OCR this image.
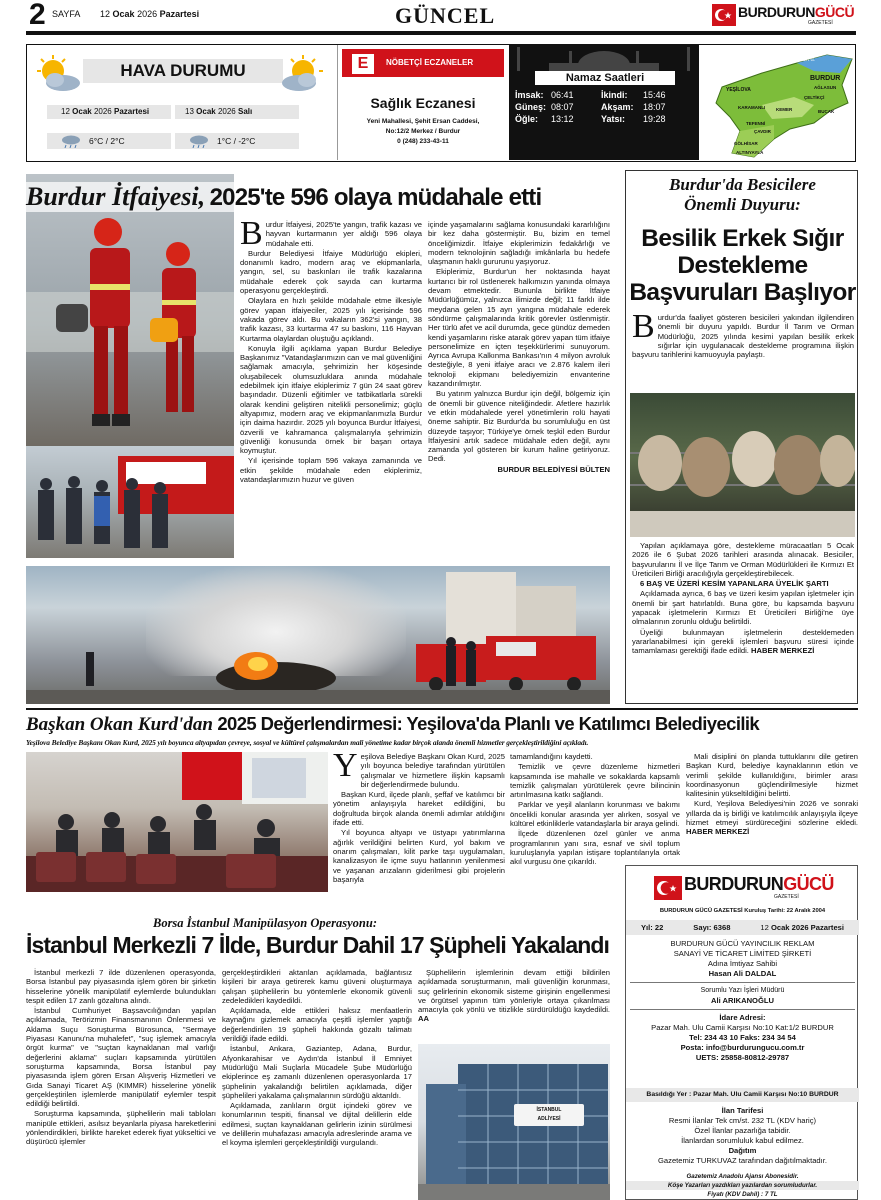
2 SAYFA 12 Ocak 2026 Pazartesi	GÜNCEL	BURDURUNGÜCÜ
GAZETESİ
HAVA DURUMU
12 Ocak 2026 Pazartesi	13 Ocak 2026 Salı
6°C / 2°C	1°C / -2°C
E	NÖBETÇİ ECZANELER
Sağlık Eczanesi
Yeni Mahallesi, Şehit Ersan Caddesi,
No:12/2 Merkez / Burdur
0 (248) 233-43-11
Namaz Saatleri
İmsak: 06:41	İkindi:	15:46
Güneş: 08:07	Akşam:	18:07
Öğle:	13:12	Yatsı:	19:28
BURDUR G.
BURDUR
YEŞİLOVA	AĞLASUN
ÇELTİKÇİ
KARAMANLI KEMER	BUCAK
TEFENNİ
ÇAVDIR
GÖLHİSAR
ALTINYAYLA
Burdur İtfaiyesi, 2025'te 596 olaya müdahale etti

Burdur İtfaiyesi, 2025'te yangın, trafik kazası ve hayvan kurtarmanın yer aldığı 596 olaya müdahale etti.

Burdur Belediyesi İtfaiye Müdürlüğü ekipleri, donanımlı kadro, modern araç ve ekipmanlarla, yangın, sel, su baskınları ile trafik kazalarına müdahale ederek çok sayıda can kurtarma operasyonu gerçekleştirdi.

Olaylara en hızlı şekilde müdahale etme ilkesiyle görev yapan itfaiyeciler, 2025 yılı içerisinde 596 vakada görev aldı. Bu vakaların 362'si yangın, 38 trafik kazası, 33 kurtarma 47 su baskını, 116 Hayvan Kurtarma olaylardan oluştuğu açıklandı.

Konuyla ilgili açıklama yapan Burdur Belediye Başkanımız "Vatandaşlarımızın can ve mal güvenliğini sağlamak amacıyla, şehrimizin her köşesinde oluşabilecek olumsuzluklara anında müdahale edebilmek için itfaiye ekiplerimiz 7 gün 24 saat görev başındadır. Düzenli eğitimler ve tatbikatlarla sürekli olarak kendini geliştiren nitelikli personelimiz; güçlü altyapımız, modern araç ve ekipmanlarımızla Burdur için daima hazırdır. 2025 yılı boyunca Burdur İtfaiyesi, özverili ve kahramanca çalışmalarıyla şehrimizin güvenliği konusunda örnek bir başarı ortaya koymuştur.

Yıl içerisinde toplam 596 vakaya zamanında ve etkin şekilde müdahale eden ekiplerimiz, vatandaşlarımızın huzur ve güven

içinde yaşamalarını sağlama konusundaki kararlılığını bir kez daha göstermiştir. Bu, bizim en temel önceliğimizdir. İtfaiye ekiplerimizin fedakârlığı ve modern teknolojinin sağladığı imkânlarla bu hedefe ulaşmanın haklı gururunu yaşıyoruz.

Ekiplerimiz, Burdur'un her noktasında hayat kurtarıcı bir rol üstlenerek halkımızın yanında olmaya devam etmektedir. Bununla birlikte İtfaiye Müdürlüğümüz, yalnızca ilimizde değil; 11 farklı ilde meydana gelen 15 ayrı yangına müdahale ederek söndürme çalışmalarında kritik görevler üstlenmiştir. Her türlü afet ve acil durumda, gece gündüz demeden kendi yaşamlarını riske atarak görev yapan tüm itfaiye personelimize en içten teşekkürlerimi sunuyorum. Ayrıca Avrupa Kalkınma Bankası'nın 4 milyon avroluk desteğiyle, 8 yeni itfaiye aracı ve 2.876 kalem ileri teknoloji ekipmanı belediyemizin envanterine kazandırılmıştır.

Bu yatırım yalnızca Burdur için değil, bölgemiz için de önemli bir güvence niteliğindedir. Afetlere hazırlık ve etkin müdahalede yerel yönetimlerin rolü hayati öneme sahiptir. Biz Burdur'da bu sorumluluğu en üst düzeyde taşıyor; Türkiye'ye örnek teşkil eden Burdur İtfaiyesini artık sadece müdahale eden değil, aynı zamanda yol gösteren bir kurum haline getiriyoruz. Dedi.

BURDUR BELEDİYESİ BÜLTEN
Burdur'da Besicilere
Önemli Duyuru:
Besilik Erkek Sığır Destekleme Başvuruları Başlıyor

Burdur'da faaliyet gösteren besicileri yakından ilgilendiren önemli bir duyuru yapıldı. Burdur İl Tarım ve Orman Müdürlüğü, 2025 yılında kesimi yapılan besilik erkek sığırlar için uygulanacak destekleme programına ilişkin başvuru tarihlerini kamuoyuyla paylaştı.

Yapılan açıklamaya göre, destekleme müracaatları 5 Ocak 2026 ile 6 Şubat 2026 tarihleri arasında alınacak. Besiciler, başvurularını İl ve İlçe Tarım ve Orman Müdürlükleri ile Kırmızı Et Üreticileri Birliği aracılığıyla gerçekleştirebilecek.

6 BAŞ VE ÜZERİ KESİM YAPANLARA ÜYELİK ŞARTI

Açıklamada ayrıca, 6 baş ve üzeri kesim yapılan işletmeler için önemli bir şart hatırlatıldı. Buna göre, bu kapsamda başvuru yapacak işletmelerin Kırmızı Et Üreticileri Birliği'ne üye olmalarının zorunlu olduğu belirtildi.

Üyeliği bulunmayan işletmelerin desteklemeden yararlanabilmesi için gerekli işlemleri başvuru süresi içinde tamamlaması gerektiği ifade edildi. HABER MERKEZİ

Başkan Okan Kurd'dan 2025 Değerlendirmesi: Yeşilova'da Planlı ve Katılımcı Belediyecilik
Yeşilova Belediye Başkanı Okan Kurd, 2025 yılı boyunca altyapıdan çevreye, sosyal ve kültürel çalışmalardan mali yönetime kadar birçok alanda önemli hizmetler gerçekleştirildiğini açıkladı.

Yeşilova Belediye Başkanı Okan Kurd, 2025 yılı boyunca belediye tarafından yürütülen çalışmalar ve hizmetlere ilişkin kapsamlı bir değerlendirmede bulundu.

Başkan Kurd, ilçede planlı, şeffaf ve katılımcı bir yönetim anlayışıyla hareket edildiğini, bu doğrultuda birçok alanda önemli adımlar atıldığını ifade etti.

Yıl boyunca altyapı ve üstyapı yatırımlarına ağırlık verildiğini belirten Kurd, yol bakım ve onarım çalışmaları, kilit parke taşı uygulamaları, kanalizasyon ile içme suyu hatlarının yenilenmesi ve yaşanan arızaların giderilmesi gibi projelerin başarıyla

tamamlandığını kaydetti.

Temizlik ve çevre düzenleme hizmetleri kapsamında ise mahalle ve sokaklarda kapsamlı temizlik çalışmaları yürütülerek çevre bilincinin artırılmasına katkı sağlandı.

Parklar ve yeşil alanların korunması ve bakımı öncelikli konular arasında yer alırken, sosyal ve kültürel etkinliklerle vatandaşlarla bir araya gelindi.

İlçede düzenlenen özel günler ve anma programlarının yanı sıra, esnaf ve sivil toplum kuruluşlarıyla yapılan istişare toplantılarıyla ortak akıl vurgusu öne çıkarıldı.

Mali disiplini ön planda tuttuklarını dile getiren Başkan Kurd, belediye kaynaklarının etkin ve verimli şekilde kullanıldığını, birimler arası koordinasyonun güçlendirilmesiyle hizmet kalitesinin yükseltildiğini belirtti.

Kurd, Yeşilova Belediyesi'nin 2026 ve sonraki yıllarda da iş birliği ve katılımcılık anlayışıyla ilçeye hizmet etmeyi sürdüreceğini sözlerine ekledi. HABER MERKEZİ

Borsa İstanbul Manipülasyon Operasyonu:
İstanbul Merkezli 7 İlde, Burdur Dahil 17 Şüpheli Yakalandı

İstanbul merkezli 7 ilde düzenlenen operasyonda, Borsa İstanbul pay piyasasında işlem gören bir şirketin hisselerine yönelik manipülatif eylemlerde bulundukları tespit edilen 17 zanlı gözaltına alındı.

İstanbul Cumhuriyet Başsavcılığından yapılan açıklamada, Terörizmin Finansmanının Önlenmesi ve Aklama Suçu Soruşturma Bürosunca, "Sermaye Piyasası Kanunu'na muhalefet", "suç işlemek amacıyla örgüt kurma" ve "suçtan kaynaklanan mal varlığı değerlerini aklama" suçları kapsamında yürütülen soruşturma kapsamında, Borsa İstanbul pay piyasasında işlem gören Ersan Alışveriş Hizmetleri ve Gıda Sanayi Ticaret AŞ (KIMMR) hisselerine yönelik gerçekleştirilen işlemlerde manipülatif eylemler tespit edildiği belirtildi.

Soruşturma kapsamında, şüphelilerin mali tabloları manipüle ettikleri, asılsız beyanlarla piyasa hareketlerini yönlendirdikleri, birlikte hareket ederek fiyat yükseltici ve düşürücü işlemler

gerçekleştirdikleri aktarılan açıklamada, bağlantısız kişileri bir araya getirerek kamu güveni oluşturmaya çalışan şüphelilerin bu yöntemlerle ekonomik güvenli zedeledikleri kaydedildi.

Açıklamada, elde ettikleri haksız menfaatlerin kaynağını gizlemek amacıyla çeşitli işlemler yaptığı değerlendirilen 19 şüpheli hakkında gözaltı talimatı verildiği ifade edildi.

İstanbul, Ankara, Gaziantep, Adana, Burdur, Afyonkarahisar ve Aydın'da İstanbul İl Emniyet Müdürlüğü Mali Suçlarla Mücadele Şube Müdürlüğü ekiplerince eş zamanlı düzenlenen operasyonlarda 17 şüphelinin yakalandığı belirtilen açıklamada, diğer şüphelileri yakalama çalışmalarının sürdüğü aktarıldı.

Açıklamada, zanlıların örgüt içindeki görev ve konumlarının tespiti, finansal ve dijital delillerin elde edilmesi, suçtan kaynaklanan gelirlerin izinin sürülmesi ve delillerin muhafazası amacıyla adreslerinde arama ve el koyma işlemleri gerçekleştirildiği vurgulandı.

Şüphelilerin işlemlerinin devam ettiği bildirilen açıklamada soruşturmanın, mali güvenliğin korunması, suç gelirlerinin ekonomik sisteme girişinin engellenmesi ve örgütsel yapının tüm yönleriyle ortaya çıkarılması amacıyla çok yönlü ve titizlikle sürdürüldüğü kaydedildi. AA

İSTANBUL
ADLİYESİ
BURDURUNGÜCÜ
GAZETESİ
BURDURUN GÜCÜ GAZETESİ Kuruluş Tarihi: 22 Aralık 2004
Yıl: 22	Sayı: 6368	12 Ocak 2026 Pazartesi

BURDURUN GÜCÜ YAYINCILIK REKLAM

SANAYİ VE TİCARET LİMİTED ŞİRKETİ

Adına İmtiyaz Sahibi

Hasan Ali DALDAL

Sorumlu Yazı İşleri Müdürü

Ali ARIKANOĞLU

İdare Adresi:

Pazar Mah. Ulu Camii Karşısı No:10 Kat:1/2 BURDUR

Tel: 234 43 10 Faks: 234 34 54

Posta: info@burdurungucu.com.tr

UETS: 25858-80812-29787

Basıldığı Yer : Pazar Mah. Ulu Camii Karşısı No:10 BURDUR

İlan Tarifesi

Resmi İlanlar Tek cm/st. 232 TL (KDV hariç)

Özel İlanlar pazarlığa tabidir.

İlanlardan sorumluluk kabul edilmez.

Dağıtım

Gazetemiz TURKUVAZ tarafından dağıtılmaktadır.

Gazetemiz Anadolu Ajansı Abonesidir.
Köşe Yazarları yazdıkları yazılardan sorumludurlar.
Fiyatı (KDV Dahil) : 7 TL
